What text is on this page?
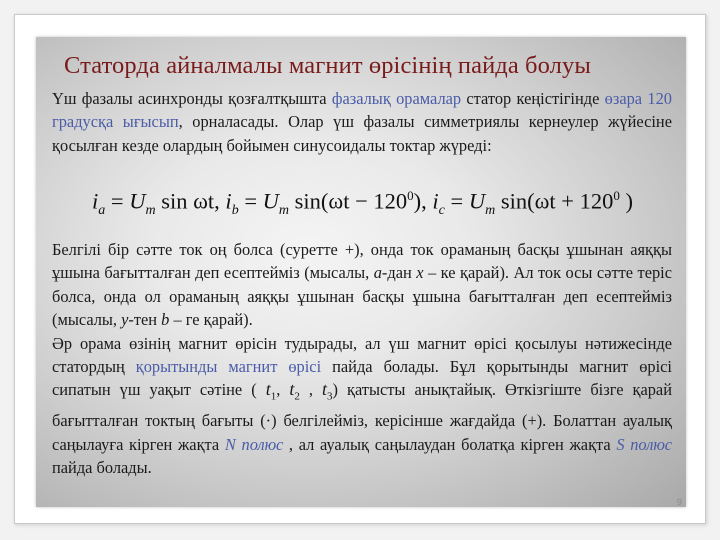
Статорда айналмалы магнит өрісінің пайда болуы
Үш фазалы асинхронды қозғалтқышта фазалық орамалар статор кеңістігінде өзара 120 градусқа ығысып, орналасады. Олар үш фазалы симметриялы кернеулер жүйесіне қосылған кезде олардың бойымен синусоидалы токтар жүреді:
$i_a = U_m$ sin ωt, $i_b = U_m$ $\sin(\omega t - 120^0)$, $i_c = U_m$ $\sin(\omega t + 120^0$ )
Белгілі бір сәтте ток оң болса (суретте +), онда ток ораманың басқы ұшынан аяққы ұшына бағытталған деп есептейміз (мысалы, а-дан х – ке қарай). Ал ток осы сәтте теріс болса, онда ол ораманың аяққы ұшынан басқы ұшына бағытталған деп есептейміз (мысалы, у-тен b – ге қарай).
Әр орама өзінің магнит өрісін тудырады, ал үш магнит өрісі қосылуы нәтижесінде статордың қорытынды магнит өрісі пайда болады. Бұл қорытынды магнит өрісі сипатын үш уақыт сәтіне ( $t_1$, $t_2$ , $t_3$) қатысты анықтайық. Өткізгіште бізге қарай бағытталған токтың бағыты (·) белгілейміз, керісінше жағдайда (+). Болаттан ауалық саңылауға кірген жақта N полюс , ал ауалық саңылаудан болатқа кірген жақта S полюс пайда болады.
9
